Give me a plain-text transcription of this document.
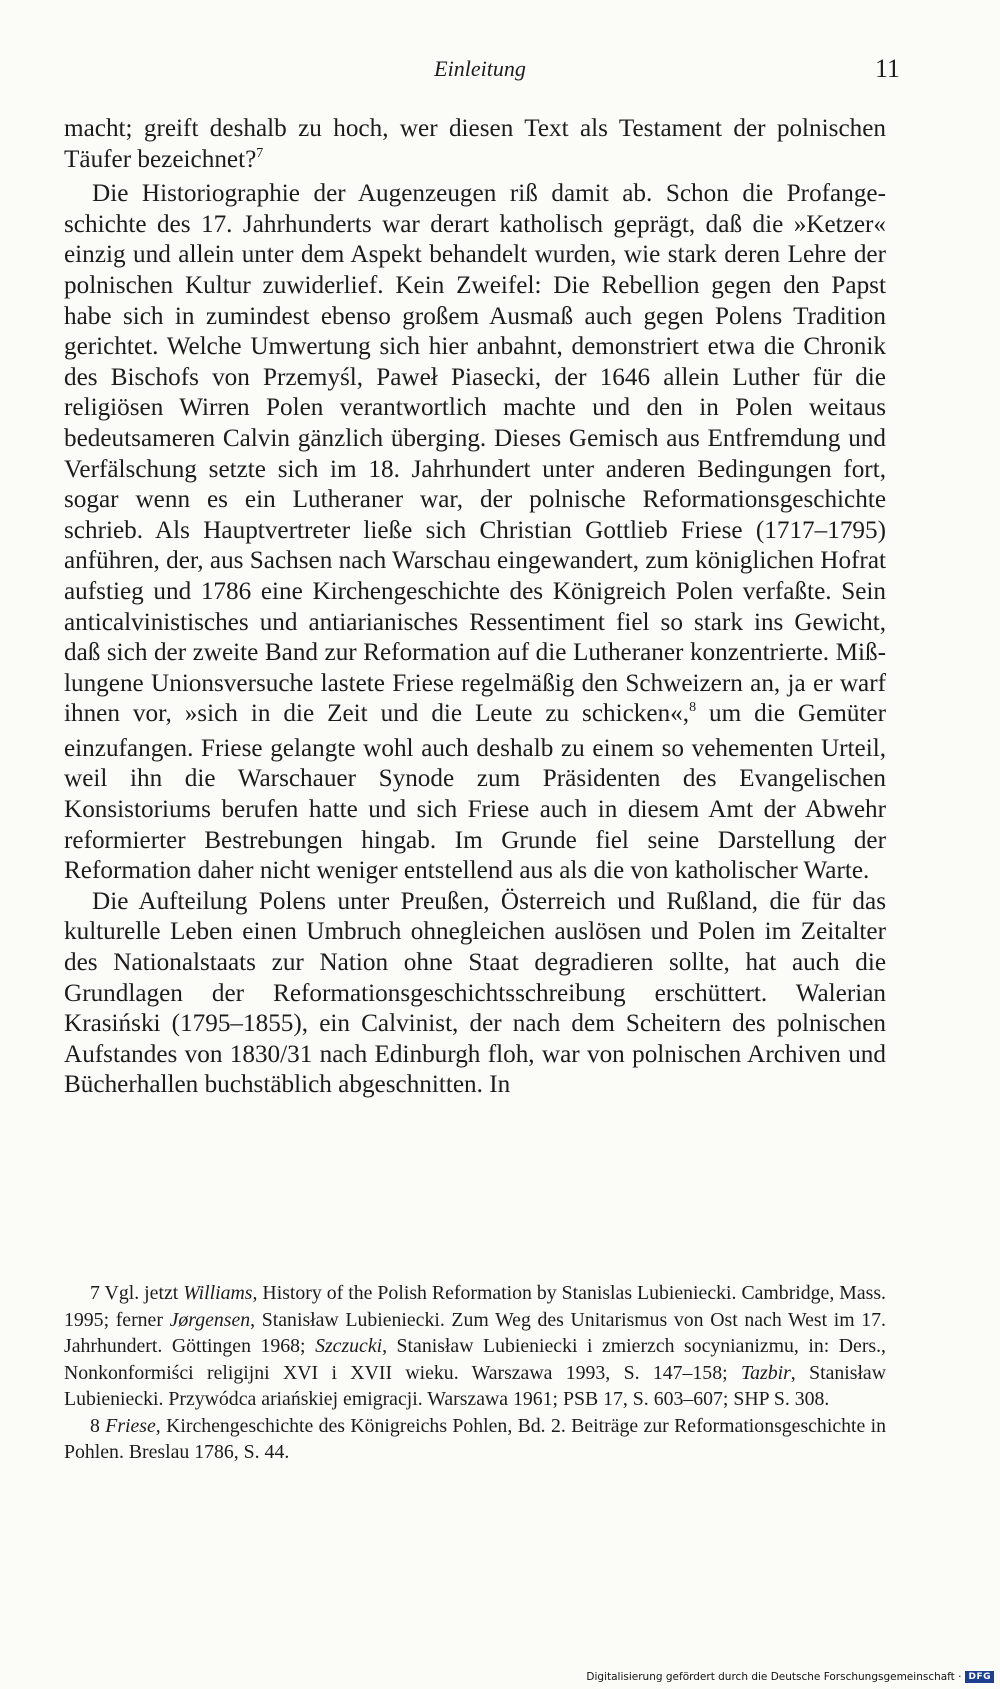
Einleitung	11

macht; greift deshalb zu hoch, wer diesen Text als Testament der polnischen Täufer bezeichnet?$^7$

Die Historiographie der Augenzeugen riß damit ab. Schon die Profangeschichte des 17. Jahrhunderts war derart katholisch geprägt, daß die »Ketzer« einzig und allein unter dem Aspekt behandelt wurden, wie stark deren Lehre der polnischen Kultur zuwiderlief. Kein Zweifel: Die Rebellion gegen den Papst habe sich in zumindest ebenso großem Ausmaß auch gegen Polens Tradition gerichtet. Welche Umwertung sich hier anbahnt, demonstriert etwa die Chronik des Bischofs von Przemyśl, Paweł Piasecki, der 1646 allein Luther für die religiösen Wirren Polen verantwortlich machte und den in Polen weitaus bedeutsameren Calvin gänzlich überging. Dieses Gemisch aus Entfremdung und Verfälschung setzte sich im 18. Jahrhundert unter anderen Bedingungen fort, sogar wenn es ein Lutheraner war, der polnische Reformationsgeschichte schrieb. Als Hauptvertreter ließe sich Christian Gottlieb Friese (1717–1795) anführen, der, aus Sachsen nach Warschau eingewandert, zum königlichen Hofrat aufstieg und 1786 eine Kirchengeschichte des Königreich Polen verfaßte. Sein anticalvinistisches und antiarianisches Ressentiment fiel so stark ins Gewicht, daß sich der zweite Band zur Reformation auf die Lutheraner konzentrierte. Mißlungene Unionsversuche lastete Friese regelmäßig den Schweizern an, ja er warf ihnen vor, »sich in die Zeit und die Leute zu schicken«,$^8$ um die Gemüter einzufangen. Friese gelangte wohl auch deshalb zu einem so vehementen Urteil, weil ihn die Warschauer Synode zum Präsidenten des Evangelischen Konsistoriums berufen hatte und sich Friese auch in diesem Amt der Abwehr reformierter Bestrebungen hingab. Im Grunde fiel seine Darstellung der Reformation daher nicht weniger entstellend aus als die von katholischer Warte.

Die Aufteilung Polens unter Preußen, Österreich und Rußland, die für das kulturelle Leben einen Umbruch ohnegleichen auslösen und Polen im Zeitalter des Nationalstaats zur Nation ohne Staat degradieren sollte, hat auch die Grundlagen der Reformationsgeschichtsschreibung erschüttert. Walerian Krasiński (1795–1855), ein Calvinist, der nach dem Scheitern des polnischen Aufstandes von 1830/31 nach Edinburgh floh, war von polnischen Archiven und Bücherhallen buchstäblich abgeschnitten. In

7 Vgl. jetzt Williams, History of the Polish Reformation by Stanislas Lubieniecki. Cambridge, Mass. 1995; ferner Jørgensen, Stanisław Lubieniecki. Zum Weg des Unitarismus von Ost nach West im 17. Jahrhundert. Göttingen 1968; Szczucki, Stanisław Lubieniecki i zmierzch socynianizmu, in: Ders., Nonkonformiści religijni XVI i XVII wieku. Warszawa 1993, S. 147–158; Tazbir, Stanisław Lubieniecki. Przywódca ariańskiej emigracji. Warszawa 1961; PSB 17, S. 603–607; SHP S. 308.

8 Friese, Kirchengeschichte des Königreichs Pohlen, Bd. 2. Beiträge zur Reformationsgeschichte in Pohlen. Breslau 1786, S. 44.

Digitalisierung gefördert durch die Deutsche Forschungsgemeinschaft · DFG
